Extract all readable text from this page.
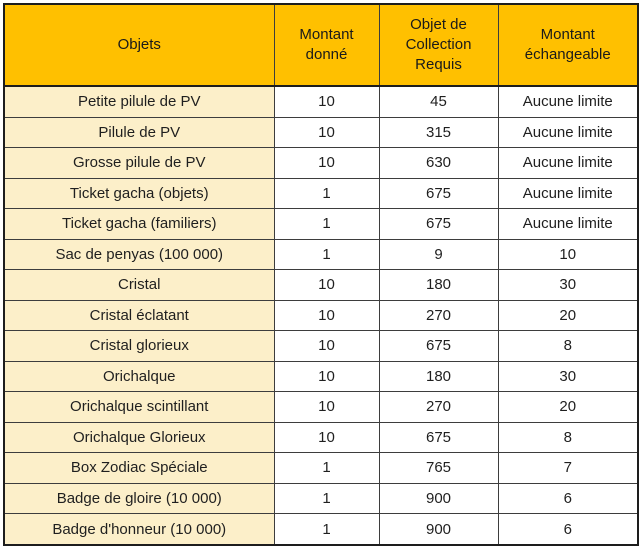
Objets	Montant donné	Objet de Collection Requis	Montant échangeable
Petite pilule de PV	10	45	Aucune limite
Pilule de PV	10	315	Aucune limite
Grosse pilule de PV	10	630	Aucune limite
Ticket gacha (objets)	1	675	Aucune limite
Ticket gacha (familiers)	1	675	Aucune limite
Sac de penyas (100 000)	1	9	10
Cristal	10	180	30
Cristal éclatant	10	270	20
Cristal glorieux	10	675	8
Orichalque	10	180	30
Orichalque scintillant	10	270	20
Orichalque Glorieux	10	675	8
Box Zodiac Spéciale	1	765	7
Badge de gloire (10 000)	1	900	6
Badge d'honneur (10 000)	1	900	6
